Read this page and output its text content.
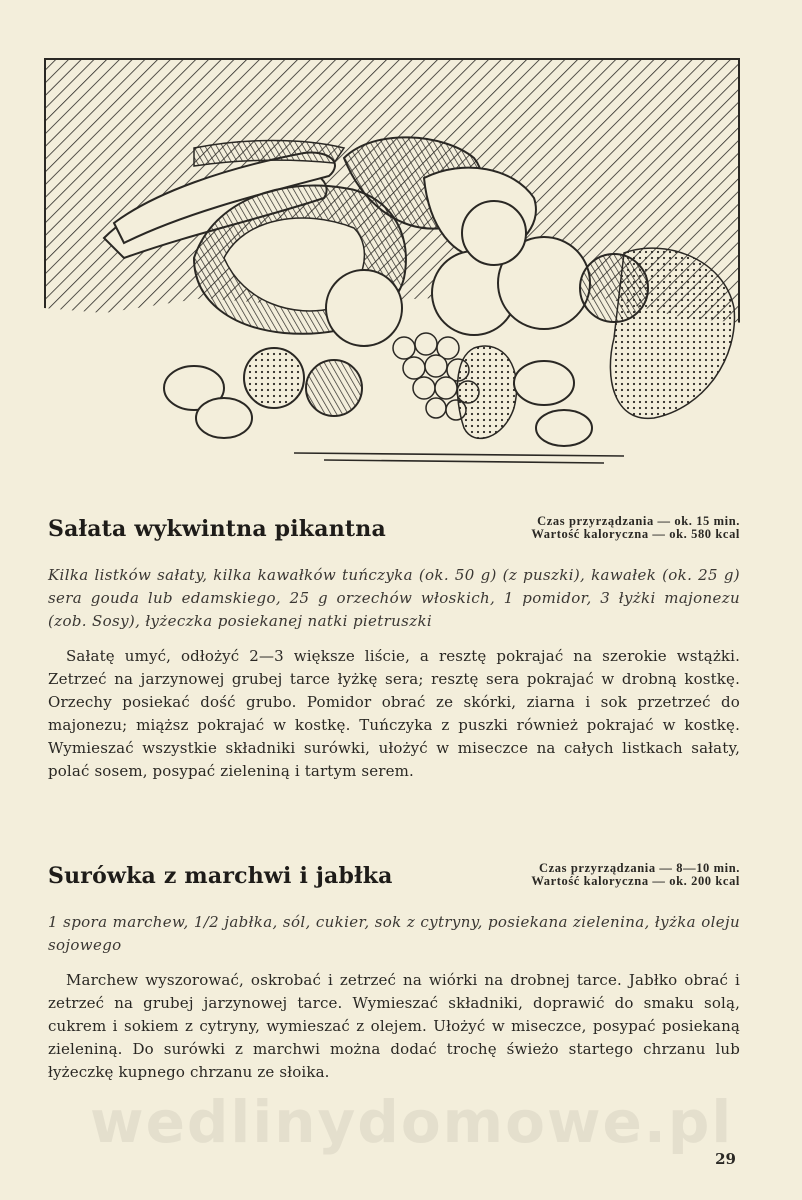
Sałata wykwintna pikantna	Czas przyrządzania — ok. 15 min.
Wartość kaloryczna — ok. 580 kcal
Kilka listków sałaty, kilka kawałków tuńczyka (ok. 50 g) (z puszki), kawałek (ok. 25 g) sera gouda lub edamskiego, 25 g orzechów włoskich, 1 pomidor, 3 łyżki majonezu (zob. Sosy), łyżeczka posiekanej natki pietruszki
Sałatę umyć, odłożyć 2—3 większe liście, a resztę pokrajać na szerokie wstążki. Zetrzeć na jarzynowej grubej tarce łyżkę sera; resztę sera pokrajać w drobną kostkę. Orzechy posiekać dość grubo. Pomidor obrać ze skórki, ziarna i sok przetrzeć do majonezu; miąższ pokrajać w kostkę. Tuńczyka z puszki również pokrajać w kostkę. Wymieszać wszystkie składniki surówki, ułożyć w miseczce na całych listkach sałaty, polać sosem, posypać zieleniną i tartym serem.
Surówka z marchwi i jabłka	Czas przyrządzania — 8—10 min.
Wartość kaloryczna — ok. 200 kcal
1 spora marchew, 1/2 jabłka, sól, cukier, sok z cytryny, posiekana zielenina, łyżka oleju sojowego
Marchew wyszorować, oskrobać i zetrzeć na wiórki na drobnej tarce. Jabłko obrać i zetrzeć na grubej jarzynowej tarce. Wymieszać składniki, doprawić do smaku solą, cukrem i sokiem z cytryny, wymieszać z olejem. Ułożyć w miseczce, posypać posiekaną zieleniną. Do surówki z marchwi można dodać trochę świeżo startego chrzanu lub łyżeczkę kupnego chrzanu ze słoika.
wedlinydomowe.pl
29
